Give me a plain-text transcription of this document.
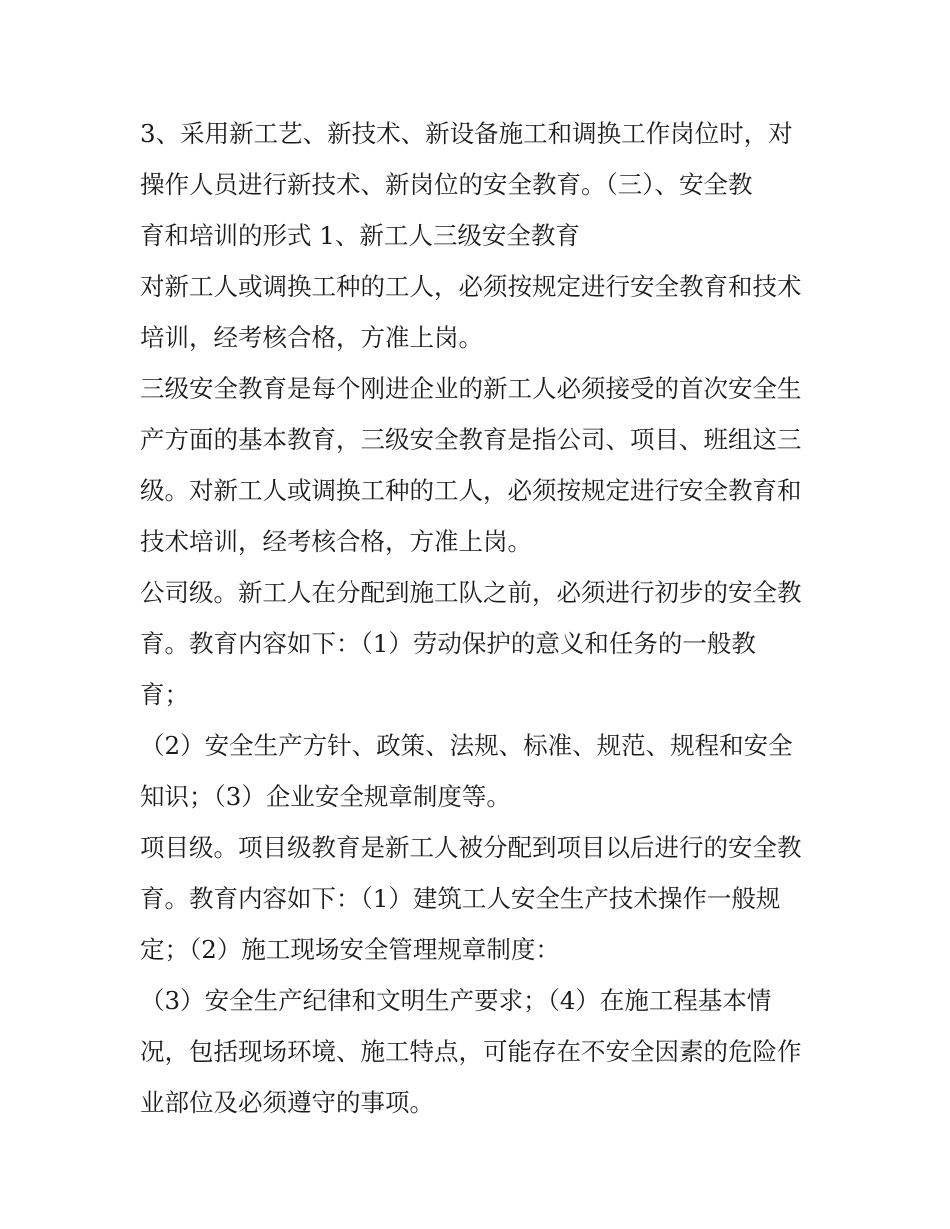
3、采用新工艺、新技术、新设备施工和调换工作岗位时，对
操作人员进行新技术、新岗位的安全教育。（三）、安全教
育和培训的形式 1、新工人三级安全教育

对新工人或调换工种的工人，必须按规定进行安全教育和技术
培训，经考核合格，方准上岗。

三级安全教育是每个刚进企业的新工人必须接受的首次安全生
产方面的基本教育，三级安全教育是指公司、项目、班组这三
级。对新工人或调换工种的工人，必须按规定进行安全教育和
技术培训，经考核合格，方准上岗。

公司级。新工人在分配到施工队之前，必须进行初步的安全教
育。教育内容如下：（1）劳动保护的意义和任务的一般教
育；

（2）安全生产方针、政策、法规、标准、规范、规程和安全
知识；（3）企业安全规章制度等。

项目级。项目级教育是新工人被分配到项目以后进行的安全教
育。教育内容如下：（1）建筑工人安全生产技术操作一般规
定；（2）施工现场安全管理规章制度：

（3）安全生产纪律和文明生产要求；（4）在施工程基本情
况，包括现场环境、施工特点，可能存在不安全因素的危险作
业部位及必须遵守的事项。
